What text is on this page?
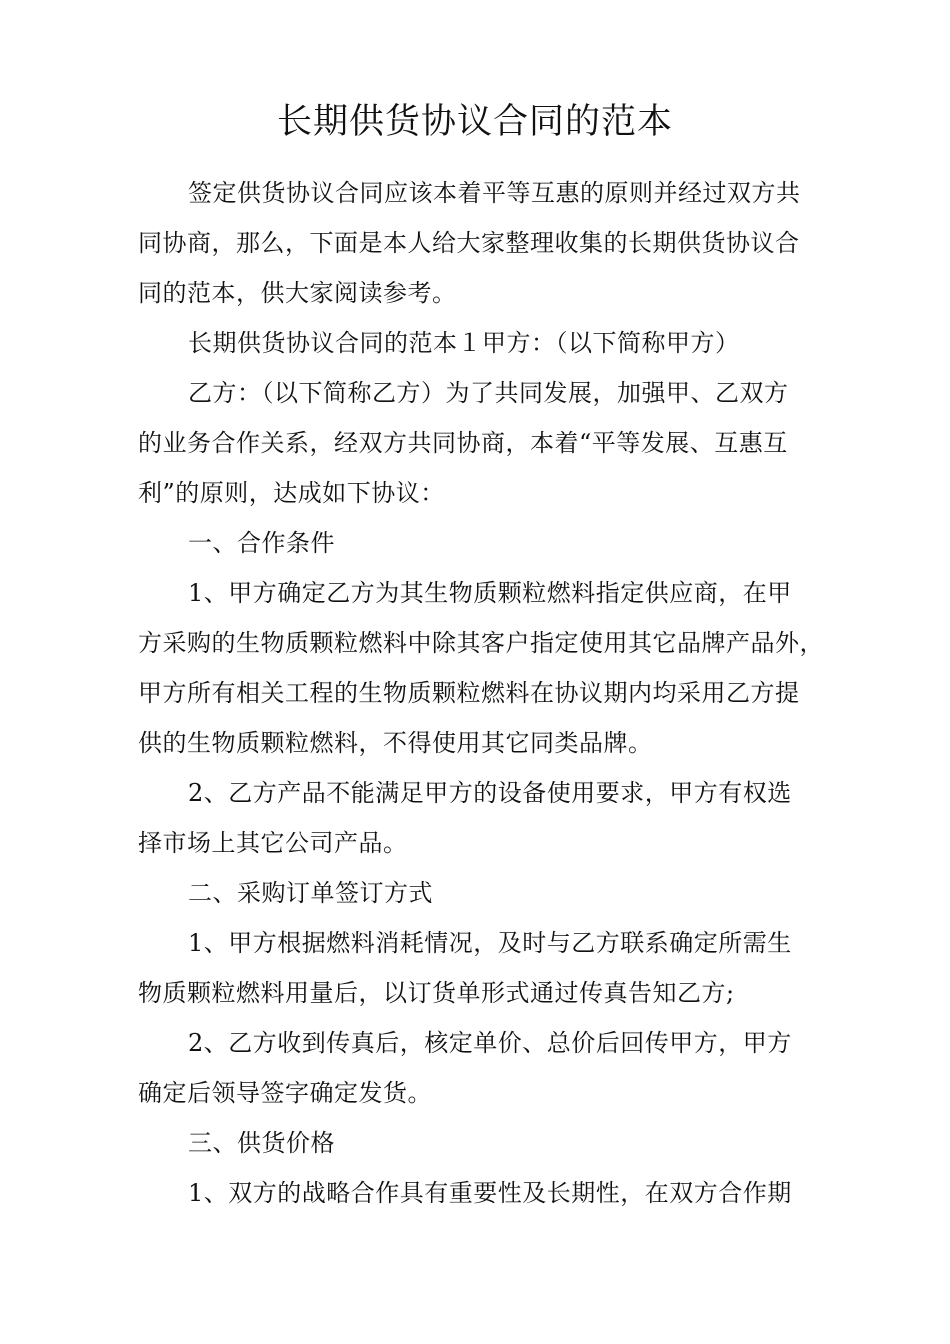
长期供货协议合同的范本
签定供货协议合同应该本着平等互惠的原则并经过双方共
同协商，那么，下面是本人给大家整理收集的长期供货协议合
同的范本，供大家阅读参考。
长期供货协议合同的范本１甲方：（以下简称甲方）
乙方：（以下简称乙方）为了共同发展，加强甲、乙双方
的业务合作关系，经双方共同协商，本着“平等发展、互惠互
利”的原则，达成如下协议：
一、合作条件
1、甲方确定乙方为其生物质颗粒燃料指定供应商，在甲
方采购的生物质颗粒燃料中除其客户指定使用其它品牌产品外，
甲方所有相关工程的生物质颗粒燃料在协议期内均采用乙方提
供的生物质颗粒燃料，不得使用其它同类品牌。
2、乙方产品不能满足甲方的设备使用要求，甲方有权选
择市场上其它公司产品。
二、采购订单签订方式
1、甲方根据燃料消耗情况，及时与乙方联系确定所需生
物质颗粒燃料用量后，以订货单形式通过传真告知乙方;
2、乙方收到传真后，核定单价、总价后回传甲方，甲方
确定后领导签字确定发货。
三、供货价格
1、双方的战略合作具有重要性及长期性，在双方合作期
